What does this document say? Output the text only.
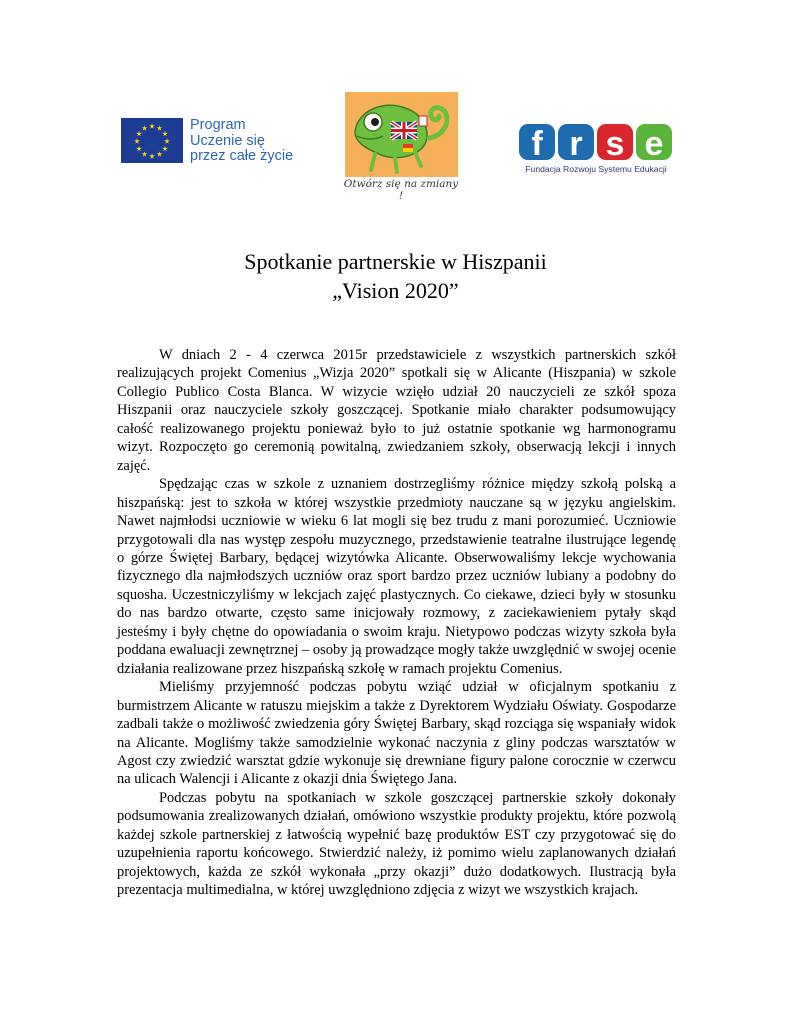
★ ★
★
★
★
★
★
★
★
★
★
★	Program
Uczenie się
przez całe życie
Otwórz się na zmiany !
f r s e
Fundacja Rozwoju Systemu Edukacji
Spotkanie partnerskie w Hiszpanii
„Vision 2020”

W dniach 2 - 4 czerwca 2015r przedstawiciele z wszystkich partnerskich szkół realizujących projekt Comenius „Wizja 2020” spotkali się w Alicante (Hiszpania) w szkole Collegio Publico Costa Blanca. W wizycie wzięło udział 20 nauczycieli ze szkół spoza Hiszpanii oraz nauczyciele szkoły goszczącej. Spotkanie miało charakter podsumowujący całość realizowanego projektu ponieważ było to już ostatnie spotkanie wg harmonogramu wizyt. Rozpoczęto go ceremonią powitalną, zwiedzaniem szkoły, obserwacją lekcji i innych zajęć.

Spędzając czas w szkole z uznaniem dostrzegliśmy różnice między szkołą polską a hiszpańską: jest to szkoła w której wszystkie przedmioty nauczane są w języku angielskim. Nawet najmłodsi uczniowie w wieku 6 lat mogli się bez trudu z mani porozumieć. Uczniowie przygotowali dla nas występ zespołu muzycznego, przedstawienie teatralne ilustrujące legendę o górze Świętej Barbary, będącej wizytówka Alicante. Obserwowaliśmy lekcje wychowania fizycznego dla najmłodszych uczniów oraz sport bardzo przez uczniów lubiany a podobny do squosha. Uczestniczyliśmy w lekcjach zajęć plastycznych. Co ciekawe, dzieci były w stosunku do nas bardzo otwarte, często same inicjowały rozmowy, z zaciekawieniem pytały skąd jesteśmy i były chętne do opowiadania o swoim kraju. Nietypowo podczas wizyty szkoła była poddana ewaluacji zewnętrznej – osoby ją prowadzące mogły także uwzględnić w swojej ocenie działania realizowane przez hiszpańską szkołę w ramach projektu Comenius.

Mieliśmy przyjemność podczas pobytu wziąć udział w oficjalnym spotkaniu z burmistrzem Alicante w ratuszu miejskim a także z Dyrektorem Wydziału Oświaty. Gospodarze zadbali także o możliwość zwiedzenia góry Świętej Barbary, skąd rozciąga się wspaniały widok na Alicante. Mogliśmy także samodzielnie wykonać naczynia z gliny podczas warsztatów w Agost czy zwiedzić warsztat gdzie wykonuje się drewniane figury palone corocznie w czerwcu na ulicach Walencji i Alicante z okazji dnia Świętego Jana.

Podczas pobytu na spotkaniach w szkole goszczącej partnerskie szkoły dokonały podsumowania zrealizowanych działań, omówiono wszystkie produkty projektu, które pozwolą każdej szkole partnerskiej z łatwością wypełnić bazę produktów EST czy przygotować się do uzupełnienia raportu końcowego. Stwierdzić należy, iż pomimo wielu zaplanowanych działań projektowych, każda ze szkół wykonała „przy okazji” dużo dodatkowych. Ilustracją była prezentacja multimedialna, w której uwzględniono zdjęcia z wizyt we wszystkich krajach.
